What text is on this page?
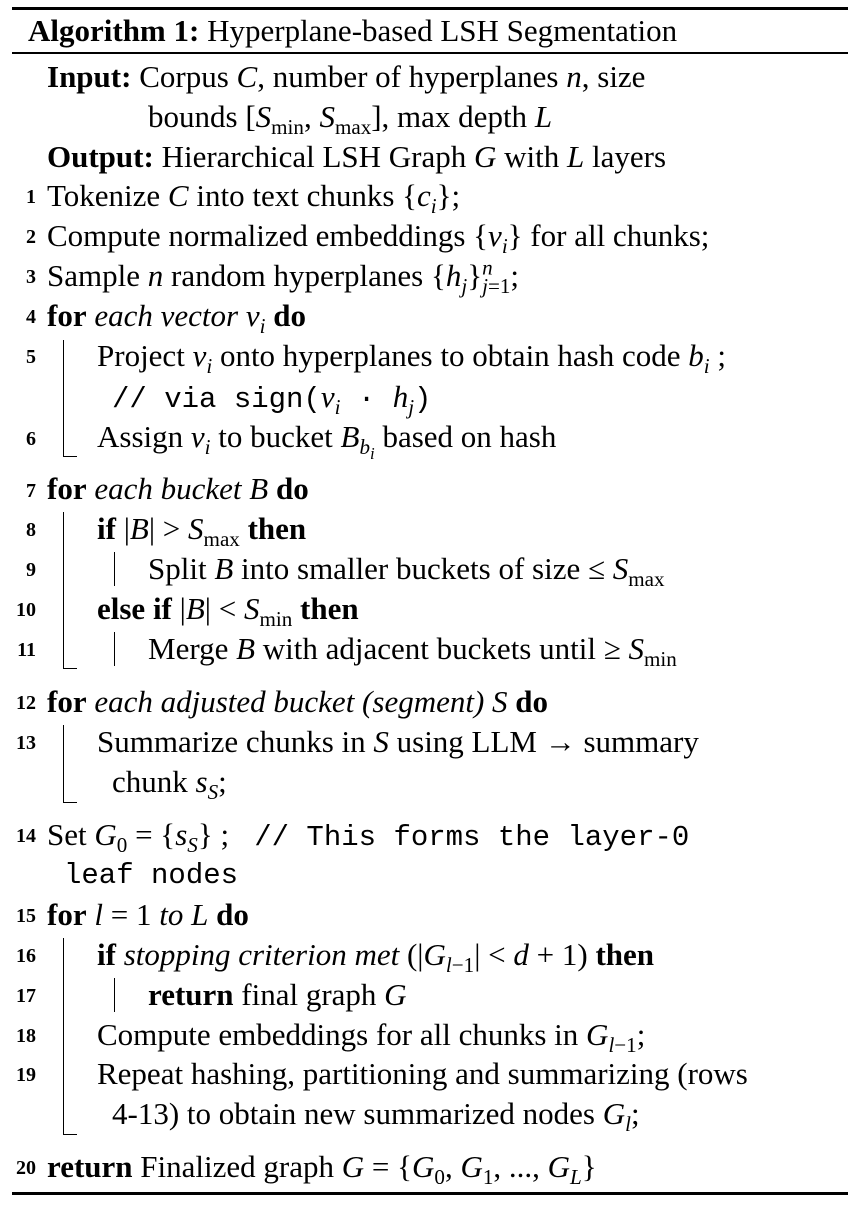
Algorithm 1: Hyperplane-based LSH Segmentation
Input: Corpus C, number of hyperplanes n, size
bounds [$S_{min}$, $S_{max}$], max depth L
Output: Hierarchical LSH Graph G with L layers
1
2
3
4
5
6
7
8
9
10
11
12
13
14
15
16
17
18
19
20
Tokenize C into text chunks $\{c_i\}$;
Compute normalized embeddings $\{v_i\}$ for all chunks;
Sample n random hyperplanes $\{h_j\}^n_{j=1}$;
for each vector $v_i$ do
Project $v_i$ onto hyperplanes to obtain hash code $b_i$ ;
// via $sign(v_i \cdot h_j)$
Assign $v_i$ to bucket $B_{b_i}$ based on hash
for each bucket B do
if $|B| > S_{max}$ then
Split B into smaller buckets of size ≤ $S_{max}$
else if $|B| < S_{min}$ then
Merge B with adjacent buckets until ≥ $S_{min}$
for each adjusted bucket (segment) S do
Summarize chunks in S using LLM → summary
chunk $s_S$;
Set $G_0 = \{s_S\}$ ;  // This forms the layer-0
leaf nodes
for l = 1 to L do
if stopping criterion met $(|G_{l-1}| < d + 1)$ then
return final graph G
Compute embeddings for all chunks in $G_{l-1}$;
Repeat hashing, partitioning and summarizing (rows
4-13) to obtain new summarized nodes $G_l$;
return Finalized graph $G = \{G_0$, $G_1$, ..., $G_L$}
